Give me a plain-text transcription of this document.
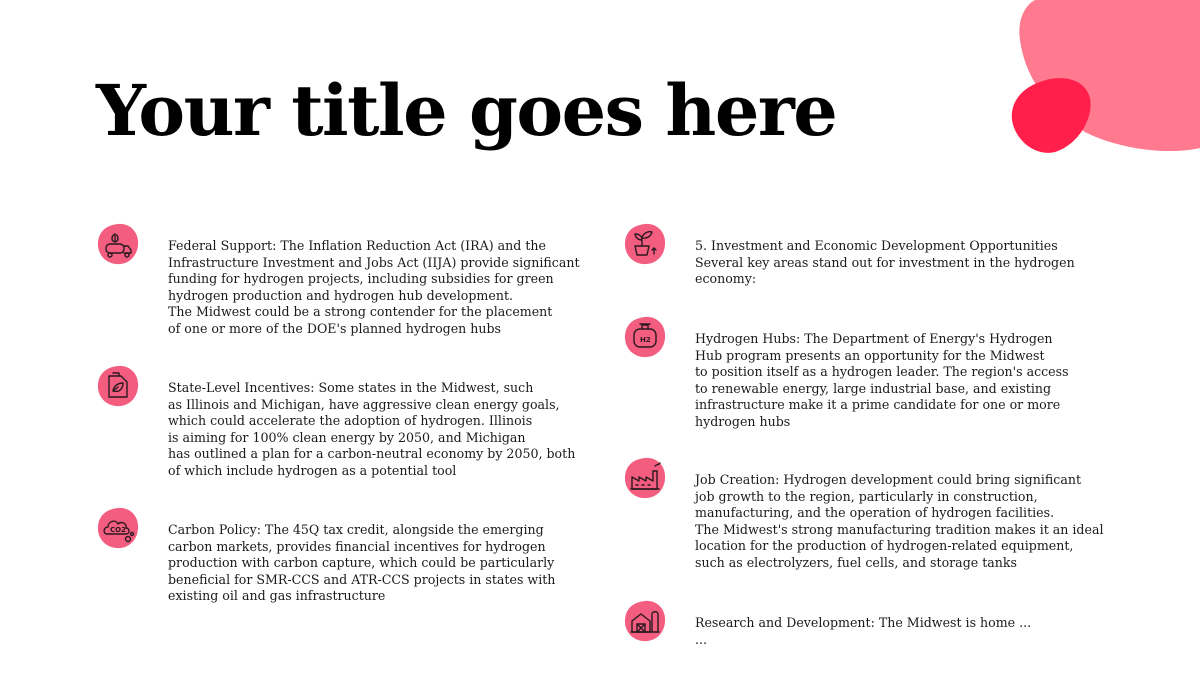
Your title goes here

Federal Support: The Inflation Reduction Act (IRA) and the
Infrastructure Investment and Jobs Act (IIJA) provide significant
funding for hydrogen projects, including subsidies for green
hydrogen production and hydrogen hub development.
The Midwest could be a strong contender for the placement
of one or more of the DOE's planned hydrogen hubs

State-Level Incentives: Some states in the Midwest, such
as Illinois and Michigan, have aggressive clean energy goals,
which could accelerate the adoption of hydrogen. Illinois
is aiming for 100% clean energy by 2050, and Michigan
has outlined a plan for a carbon-neutral economy by 2050, both
of which include hydrogen as a potential tool

CO2	Carbon Policy: The 45Q tax credit, alongside the emerging
carbon markets, provides financial incentives for hydrogen
production with carbon capture, which could be particularly
beneficial for SMR-CCS and ATR-CCS projects in states with
existing oil and gas infrastructure

5. Investment and Economic Development Opportunities
Several key areas stand out for investment in the hydrogen
economy:

H2	Hydrogen Hubs: The Department of Energy's Hydrogen
Hub program presents an opportunity for the Midwest
to position itself as a hydrogen leader. The region's access
to renewable energy, large industrial base, and existing
infrastructure make it a prime candidate for one or more
hydrogen hubs

Job Creation: Hydrogen development could bring significant
job growth to the region, particularly in construction,
manufacturing, and the operation of hydrogen facilities.
The Midwest's strong manufacturing tradition makes it an ideal
location for the production of hydrogen-related equipment,
such as electrolyzers, fuel cells, and storage tanks

Research and Development: The Midwest is home ...
...
